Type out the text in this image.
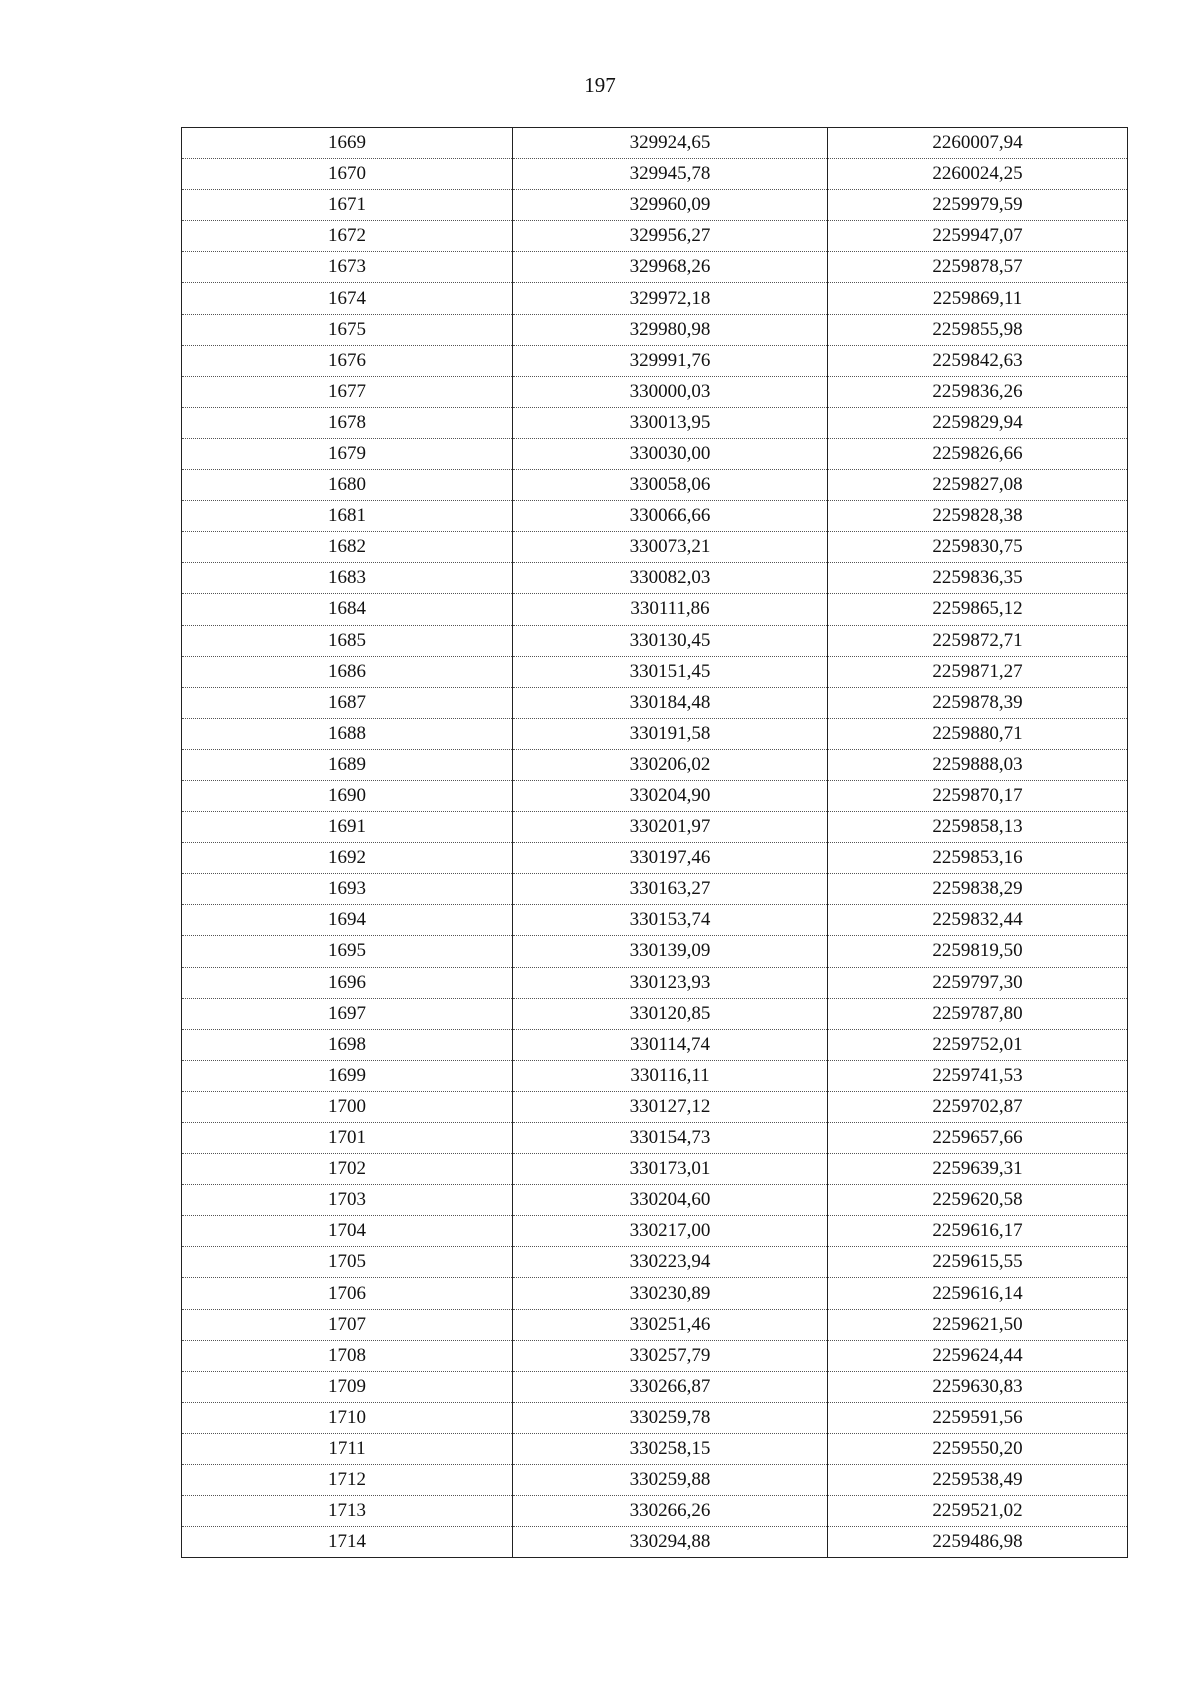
197
1669	329924,65	2260007,94
1670	329945,78	2260024,25
1671	329960,09	2259979,59
1672	329956,27	2259947,07
1673	329968,26	2259878,57
1674	329972,18	2259869,11
1675	329980,98	2259855,98
1676	329991,76	2259842,63
1677	330000,03	2259836,26
1678	330013,95	2259829,94
1679	330030,00	2259826,66
1680	330058,06	2259827,08
1681	330066,66	2259828,38
1682	330073,21	2259830,75
1683	330082,03	2259836,35
1684	330111,86	2259865,12
1685	330130,45	2259872,71
1686	330151,45	2259871,27
1687	330184,48	2259878,39
1688	330191,58	2259880,71
1689	330206,02	2259888,03
1690	330204,90	2259870,17
1691	330201,97	2259858,13
1692	330197,46	2259853,16
1693	330163,27	2259838,29
1694	330153,74	2259832,44
1695	330139,09	2259819,50
1696	330123,93	2259797,30
1697	330120,85	2259787,80
1698	330114,74	2259752,01
1699	330116,11	2259741,53
1700	330127,12	2259702,87
1701	330154,73	2259657,66
1702	330173,01	2259639,31
1703	330204,60	2259620,58
1704	330217,00	2259616,17
1705	330223,94	2259615,55
1706	330230,89	2259616,14
1707	330251,46	2259621,50
1708	330257,79	2259624,44
1709	330266,87	2259630,83
1710	330259,78	2259591,56
1711	330258,15	2259550,20
1712	330259,88	2259538,49
1713	330266,26	2259521,02
1714	330294,88	2259486,98
